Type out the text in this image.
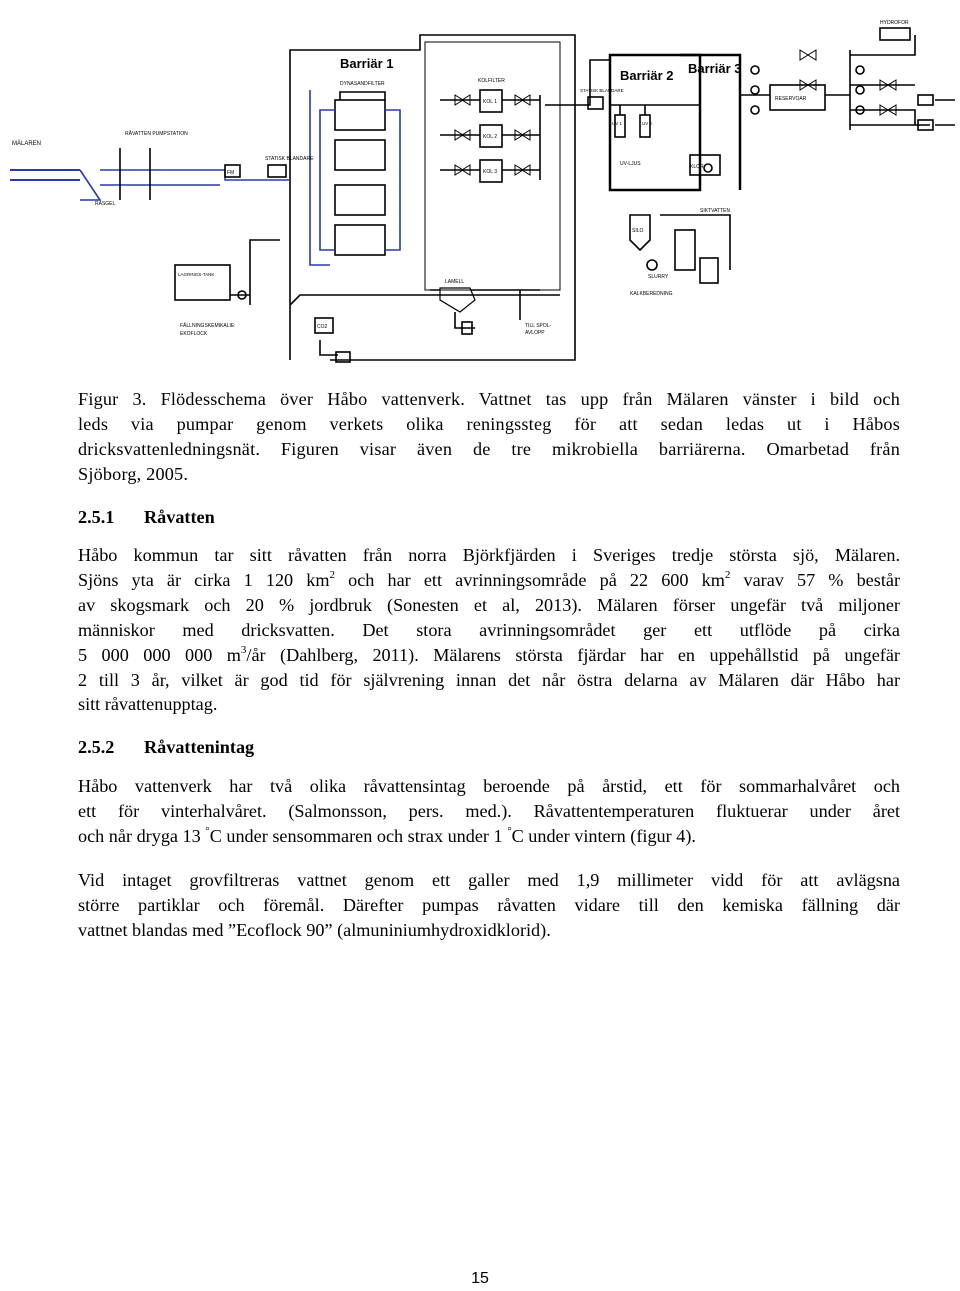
Barriär 1
Barriär 2 Barriär 3
MÄLAREN
RÅVATTEN PUMPSTATION
RASGEL
FM
STATISK BLANDARE
DYNASANDFILTER	KOLFILTER
KOL 1
KOL 2
KOL 3
STATISK BLANDARE
UV 1	UV 2
UV-LJUS	KLOR
RESERVOAR
HYDROFOR
SIKTVATTEN
SILO
SLURRY
KALKBEREDNING
LAGRINGS-TANK
FÄLLNINGSKEMIKALIE:
EKOFLOCK
LAMELL
CO2	TILL SPOL-
AVLOPP
Figur 3. Flödesschema över Håbo vattenverk. Vattnet tas upp från Mälaren vänster i bild och
leds via pumpar genom verkets olika reningssteg för att sedan ledas ut i Håbos
dricksvattenledningsnät. Figuren visar även de tre mikrobiella barriärerna. Omarbetad från
Sjöborg, 2005.
2.5.1 Råvatten
Håbo kommun tar sitt råvatten från norra Björkfjärden i Sveriges tredje största sjö, Mälaren.
Sjöns yta är cirka 1 120 $km^2$ och har ett avrinningsområde på 22 600 $km^2$ varav 57 % består
av skogsmark och 20 % jordbruk (Sonesten et al, 2013). Mälaren förser ungefär två miljoner
människor med dricksvatten. Det stora avrinningsområdet ger ett utflöde på cirka
5 000 000 000 $m^3/år$ (Dahlberg, 2011). Mälarens största fjärdar har en uppehållstid på ungefär
2 till 3 år, vilket är god tid för självrening innan det når östra delarna av Mälaren där Håbo har
sitt råvattenupptag.
2.5.2 Råvattenintag
Håbo vattenverk har två olika råvattensintag beroende på årstid, ett för sommarhalvåret och
ett för vinterhalvåret. (Salmonsson, pers. med.). Råvattentemperaturen fluktuerar under året
och når dryga 13 °C under sensommaren och strax under 1 °C under vintern (figur 4).
Vid intaget grovfiltreras vattnet genom ett galler med 1,9 millimeter vidd för att avlägsna
större partiklar och föremål. Därefter pumpas råvatten vidare till den kemiska fällning där
vattnet blandas med ”Ecoflock 90” (almuniniumhydroxidklorid).
15
